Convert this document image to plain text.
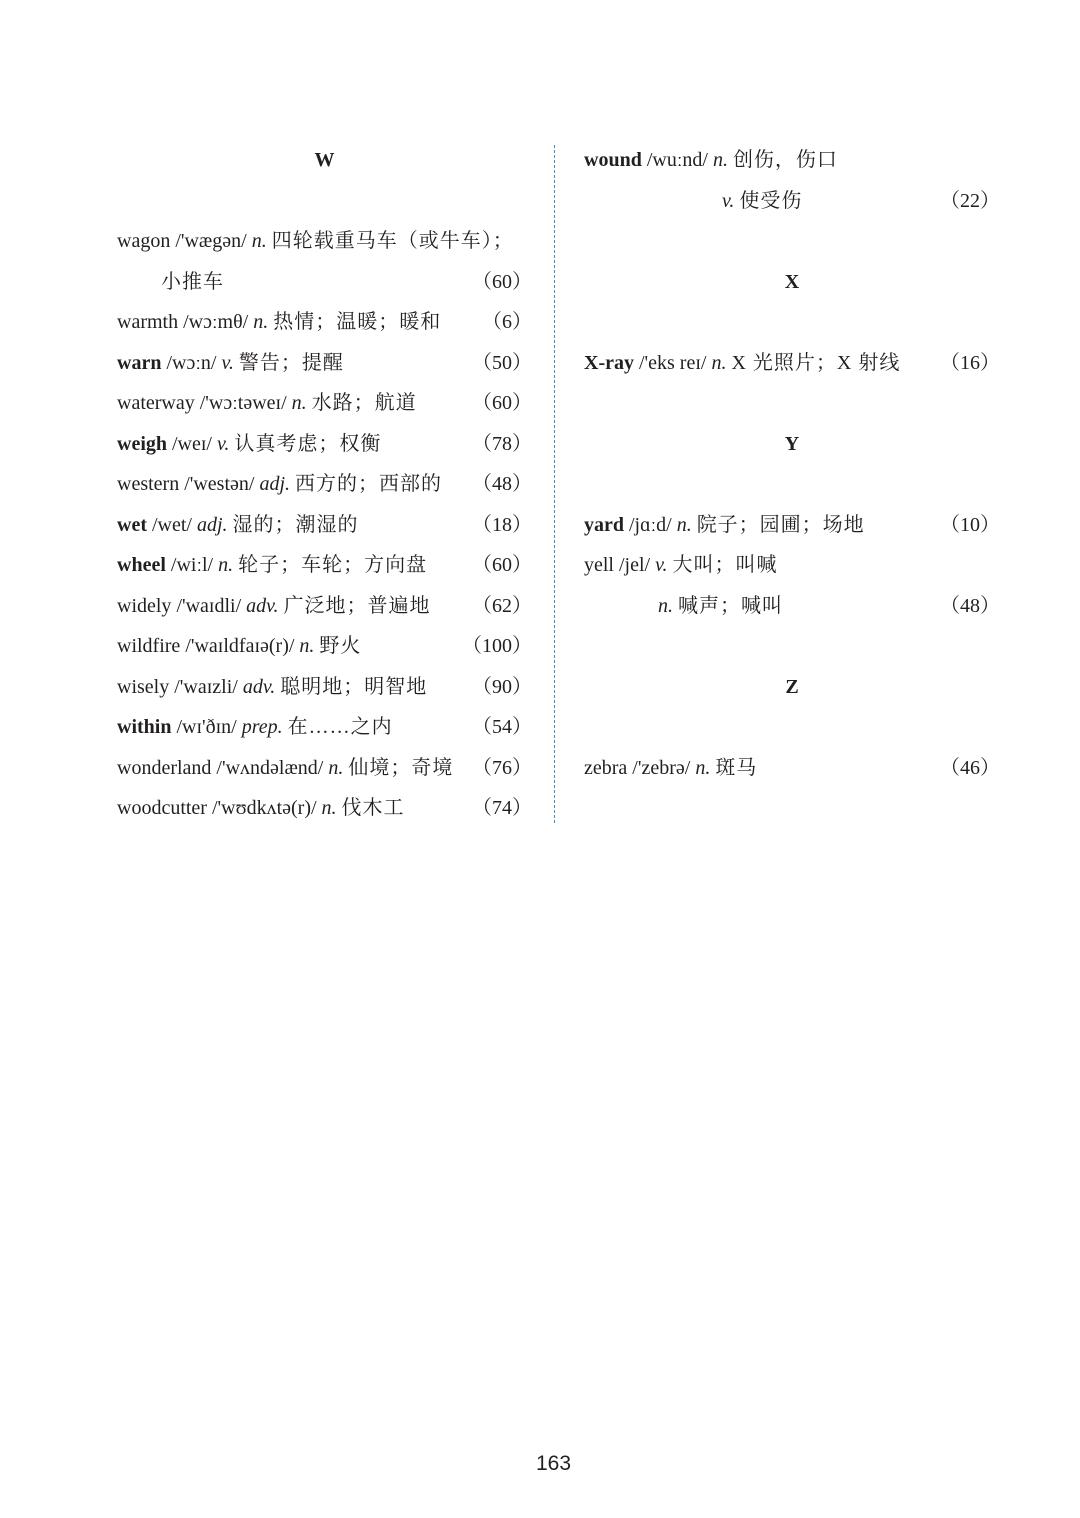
W
wagon /'wægən/ n. 四轮载重马车（或牛车）；
小推车	（60）
warmth /wɔːmθ/ n. 热情；温暖；暖和 （6）
warn /wɔːn/ v. 警告；提醒	（50）
waterway /'wɔːtəweɪ/ n. 水路；航道	（60）
weigh /weɪ/ v. 认真考虑；权衡	（78）
western /'westən/ adj. 西方的；西部的 （48）
wet /wet/ adj. 湿的；潮湿的	（18）
wheel /wiːl/ n. 轮子；车轮；方向盘 （60）
widely /'waɪdli/ adv. 广泛地；普遍地 （62）
wildfire /'waɪldfaɪə(r)/ n. 野火	（100）
wisely /'waɪzli/ adv. 聪明地；明智地 （90）
within /wɪ'ðɪn/ prep. 在……之内	（54）
wonderland /'wʌndəlænd/ n. 仙境；奇境 （76）
woodcutter /'wʊdkʌtə(r)/ n. 伐木工	（74）
wound /wuːnd/ n. 创伤，伤口
v. 使受伤	（22）
X
X-ray /'eks reɪ/ n. X 光照片；X 射线 （16）
Y
yard /jɑːd/ n. 院子；园圃；场地	（10）
yell /jel/ v. 大叫；叫喊
n. 喊声；喊叫	（48）
Z
zebra /'zebrə/ n. 斑马	（46）
163
